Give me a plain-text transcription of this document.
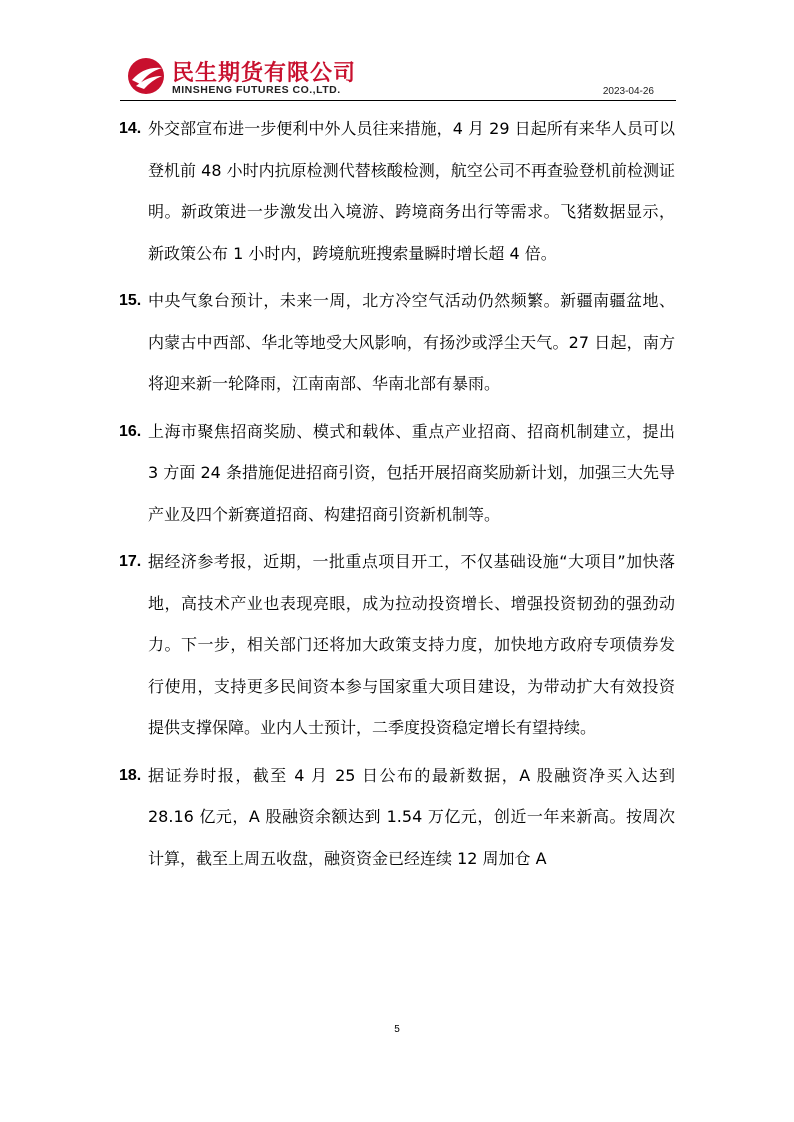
民生期货有限公司
MINSHENG FUTURES CO.,LTD.	2023-04-26
14. 外交部宣布进一步便利中外人员往来措施，4 月 29 日起所有来华人员可以登机前 48 小时内抗原检测代替核酸检测，航空公司不再查验登机前检测证明。新政策进一步激发出入境游、跨境商务出行等需求。飞猪数据显示，新政策公布 1 小时内，跨境航班搜索量瞬时增长超 4 倍。
15. 中央气象台预计，未来一周，北方冷空气活动仍然频繁。新疆南疆盆地、内蒙古中西部、华北等地受大风影响，有扬沙或浮尘天气。27 日起，南方将迎来新一轮降雨，江南南部、华南北部有暴雨。
16. 上海市聚焦招商奖励、模式和载体、重点产业招商、招商机制建立，提出 3 方面 24 条措施促进招商引资，包括开展招商奖励新计划，加强三大先导产业及四个新赛道招商、构建招商引资新机制等。
17. 据经济参考报，近期，一批重点项目开工，不仅基础设施“大项目”加快落地，高技术产业也表现亮眼，成为拉动投资增长、增强投资韧劲的强劲动力。下一步，相关部门还将加大政策支持力度，加快地方政府专项债券发行使用，支持更多民间资本参与国家重大项目建设，为带动扩大有效投资提供支撑保障。业内人士预计，二季度投资稳定增长有望持续。
18. 据证券时报，截至 4 月 25 日公布的最新数据，A 股融资净买入达到 28.16 亿元，A 股融资余额达到 1.54 万亿元，创近一年来新高。按周次计算，截至上周五收盘，融资资金已经连续 12 周加仓 A
5
